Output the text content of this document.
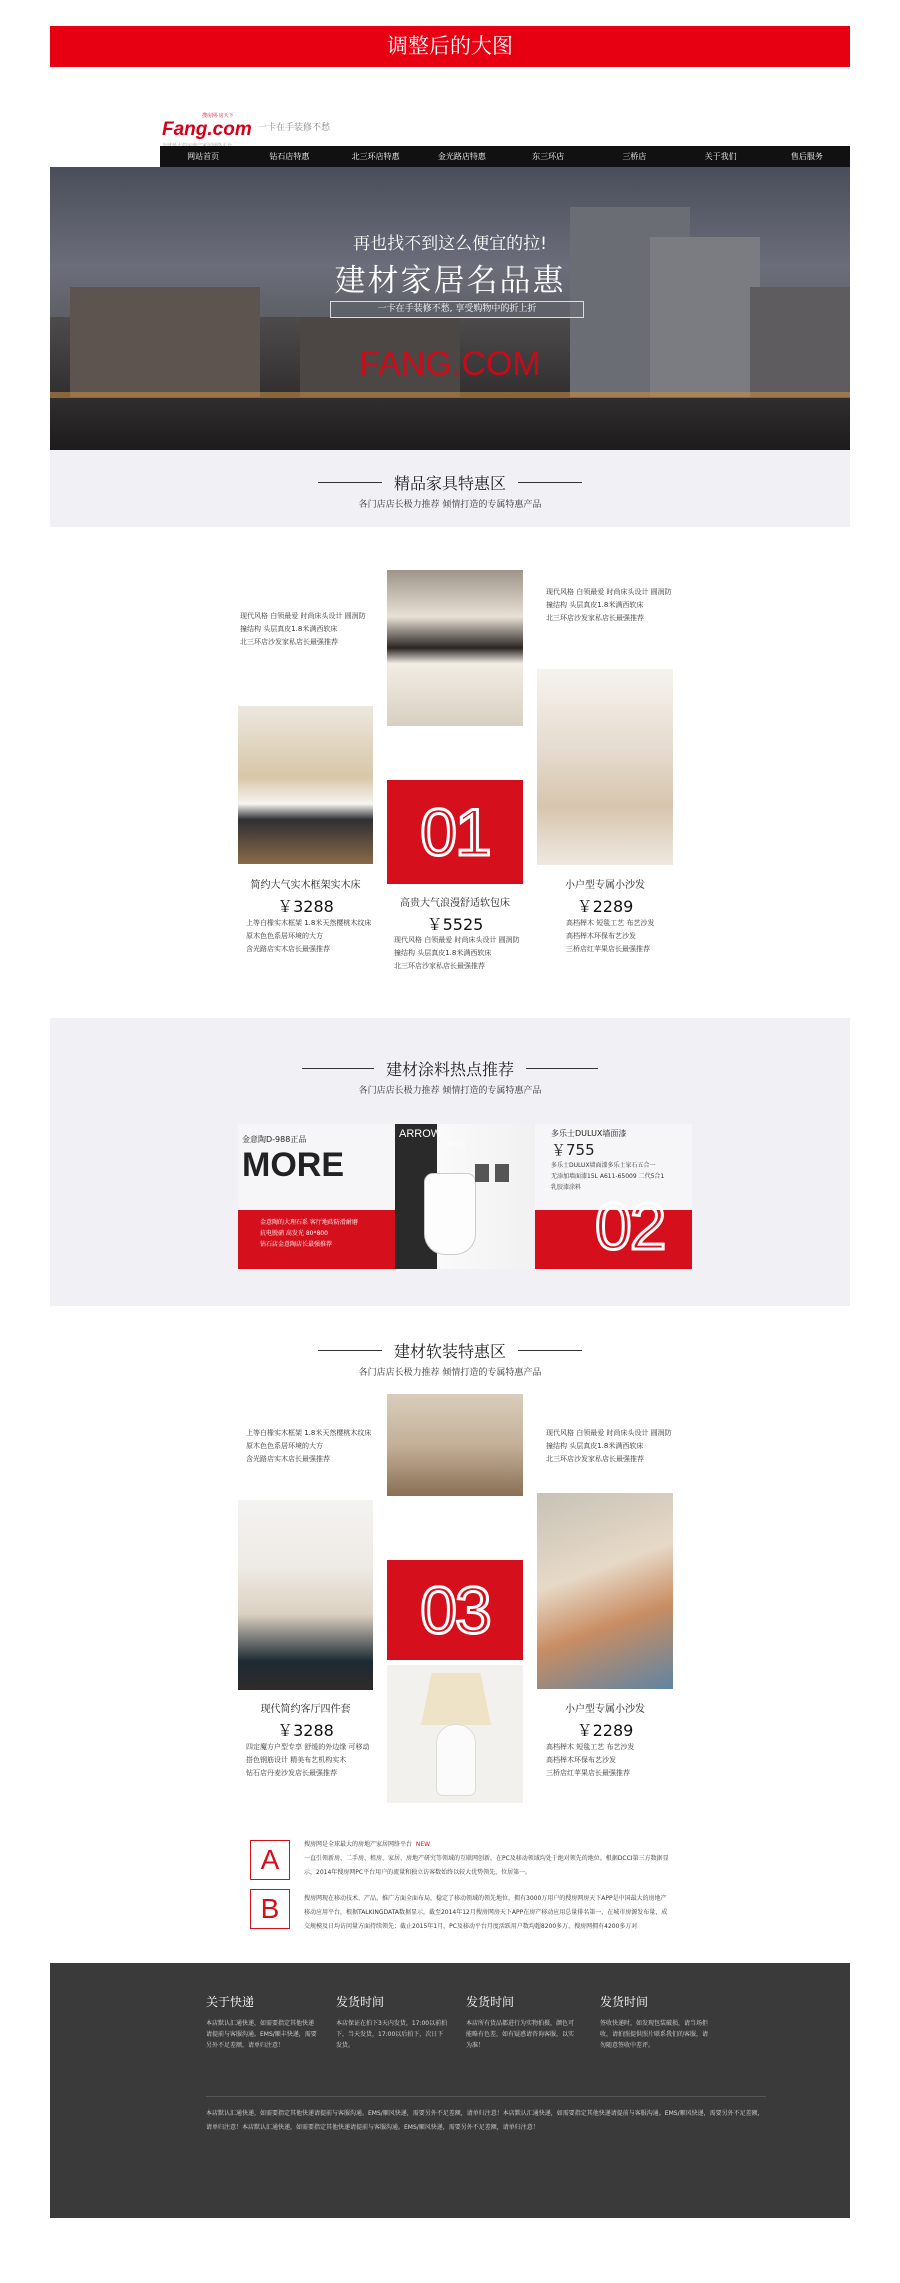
调整后的大图
搜房网·房天下
Fang.com 一卡在手装修不愁
网站首页	钻石店特惠	北三环店特惠	金光路店特惠	东三环店	三桥店	关于我们	售后服务
再也找不到这么便宜的拉!
建材家居名品惠
一卡在手装修不愁, 享受购物中的折上折
FANG.COM
精品家具特惠区
各门店店长极力推荐 倾情打造的专属特惠产品
现代风格 白领最爱 时尚床头设计 圆润防
撞结构 头层真皮1.8米满西软床
北三环店沙发家私店长最强推荐
现代风格 白领最爱 时尚床头设计 圆润防
撞结构 头层真皮1.8米满西软床
北三环店沙发家私店长最强推荐
01
简约大气实木框架实木床
￥3288
上等白橡实木框架 1.8米天然樱桃木纹床
原木色色系居环境的大方
含光路店实木店长最强推荐
高贵大气浪漫舒适软包床
￥5525
现代风格 白领最爱 时尚床头设计 圆润防
撞结构 头层真皮1.8米满西软床
北三环店沙家私店长最强推荐
小户型专属小沙发
￥2289
高档榉木 短毯工艺 布艺沙发
高档榉木环保布艺沙发
三桥店红苹果店长最强推荐
建材涂料热点推荐
各门店店长极力推荐 倾情打造的专属特惠产品
金意陶D-988正品
MORE
金意陶的大理石系 客厅地砖防滑耐磨
抗电脱硝 高发光 80*800
钻石店金意陶店长最强推荐
ARROW
箭牌卫浴
多乐士DULUX墙面漆
￥755
多乐士DULUX墙面漆多乐士家石五合一
无添加墙面漆15L A611-65009 二代5合1
乳胶漆涂料
02
建材软装特惠区
各门店店长极力推荐 倾情打造的专属特惠产品
上等白橡实木框架 1.8米天然樱桃木纹床
原木色色系居环境的大方
含光路店实木店长最强推荐
现代风格 白领最爱 时尚床头设计 圆润防
撞结构 头层真皮1.8米满西软床
北三环店沙发家私店长最强推荐
03
现代简约客厅四件套
￥3288
四定魔方户型专享 舒缓的外边缘 可移动
搭色钢筋设计 精美布艺机构实木
钻石店丹麦沙发店长最强推荐
小户型专属小沙发
￥2289
高档榉木 短毯工艺 布艺沙发
高档榉木环保布艺沙发
三桥店红苹果店长最强推荐
A
B
搜房网是全球最大的房地产家居网络平台 NEW
一直引领新房、二手房、租房、家居、房地产研究等领域的互联网创新，在PC及移动领域均处于绝对领先的地位。根据DCCI第三方数据显示，2014年搜房网PC平台用户的流量和独立访客数始终以较大优势领先，位居第一。
搜房网现在移动技术、产品、推广方面全面布局，稳定了移动领域的领先地位，拥有3000万用户的搜房网房天下APP是中国最大的房地产移动应用平台，根据TALKINGDATA数据显示，截至2014年12月搜房网房天下APP在房产移动应用总量排名第一，在城市房源发布量、成交规模及日均访问量方面持续领先；截止2015年1月，PC及移动平台月度活跃用户数均超8200多万，搜房网拥有4200多万对
关于快递
本店默认汇通快递，如需要指定其他快递请提前与客服沟通。EMS/顺丰快递，需要另外不足差额，请单归注意！
发货时间
本店保证在拍下3天内发货，17:00以前拍下，当天发货，17:00以后拍下，次日下发货。
发货时间
本店所有货品都进行为实物拍摄，颜色可能略有色差，如有疑惑请咨询客服，以实为准！
发货时间
签收快递时，如发现包装破损，请当场拒收，请拍照提供照片联系我们的客服，请勿随意签收中差评。
本店默认汇通快递，如需要指定其他快递请提前与客服沟通。EMS/顺风快递，需要另外不足差额，请单归注意！本店默认汇通快递，如需要指定其他快递请提前与客服沟通。EMS/顺风快递，需要另外不足差额，请单归注意！本店默认汇通快递，如需要指定其他快递请提前与客服沟通。EMS/顺风快递，需要另外不足差额，请单归注意！
